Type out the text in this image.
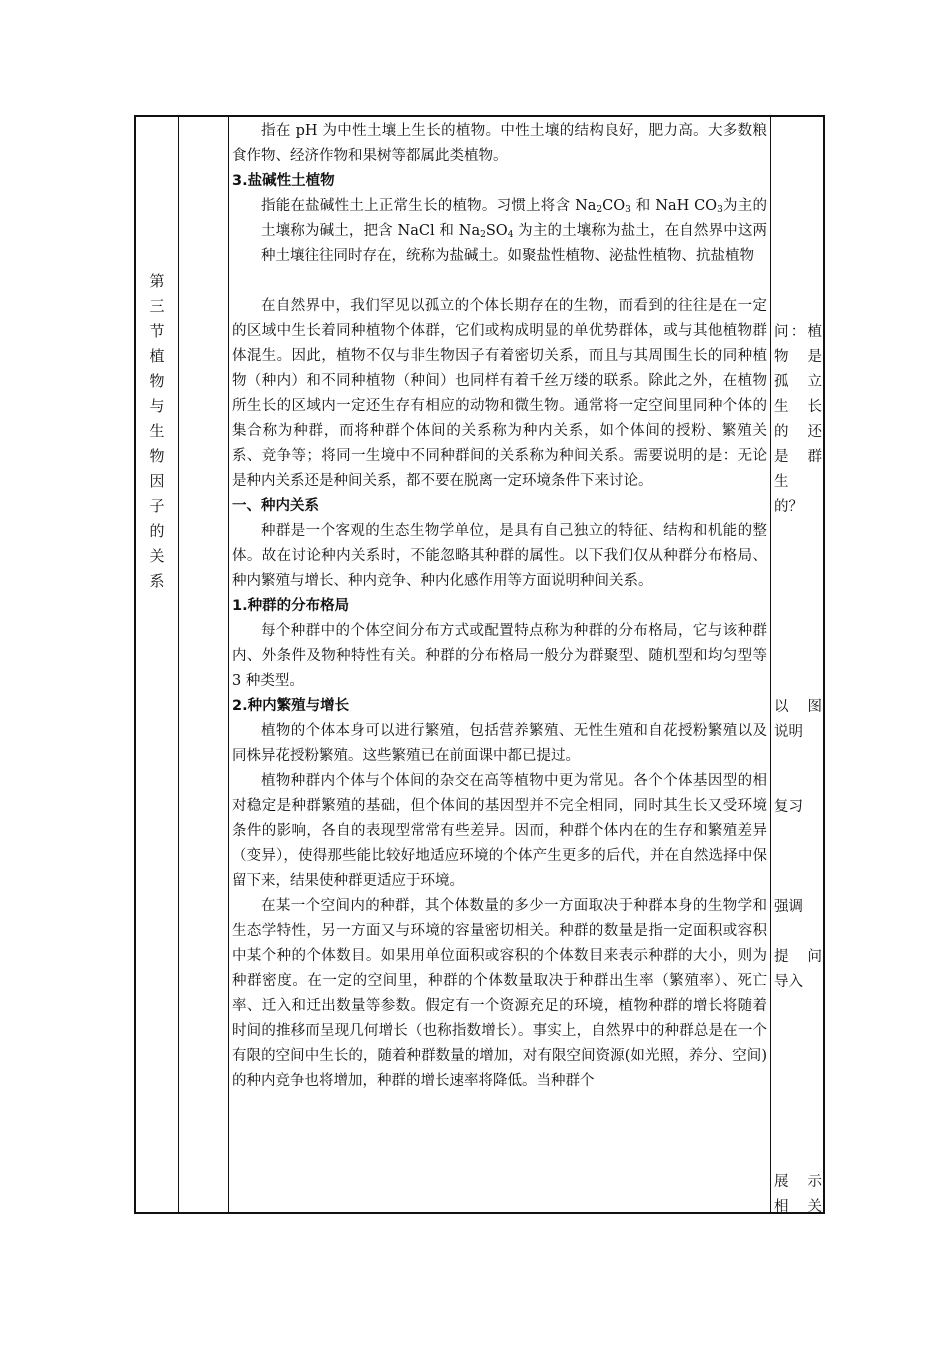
第
三
节
植
物
与
生
物
因
子
的
关
系
指在 pH 为中性土壤上生长的植物。中性土壤的结构良好，肥力高。大多数粮食作物、经济作物和果树等都属此类植物。
3.盐碱性土植物
指能在盐碱性土上正常生长的植物。习惯上将含 $Na_2CO_3$ 和 NaH $CO_3$为主的土壤称为碱土，把含 NaCl 和 $Na_2SO_4$ 为主的土壤称为盐土，在自然界中这两种土壤往往同时存在，统称为盐碱土。如聚盐性植物、泌盐性植物、抗盐植物
在自然界中，我们罕见以孤立的个体长期存在的生物，而看到的往往是在一定的区域中生长着同种植物个体群，它们或构成明显的单优势群体，或与其他植物群体混生。因此，植物不仅与非生物因子有着密切关系，而且与其周围生长的同种植物（种内）和不同种植物（种间）也同样有着千丝万缕的联系。除此之外，在植物所生长的区域内一定还生存有相应的动物和微生物。通常将一定空间里同种个体的集合称为种群，而将种群个体间的关系称为种内关系，如个体间的授粉、繁殖关系、竞争等；将同一生境中不同种群间的关系称为种间关系。需要说明的是：无论是种内关系还是种间关系，都不要在脱离一定环境条件下来讨论。
一、种内关系
种群是一个客观的生态生物学单位，是具有自己独立的特征、结构和机能的整体。故在讨论种内关系时，不能忽略其种群的属性。以下我们仅从种群分布格局、种内繁殖与增长、种内竞争、种内化感作用等方面说明种间关系。
1.种群的分布格局
每个种群中的个体空间分布方式或配置特点称为种群的分布格局，它与该种群内、外条件及物种特性有关。种群的分布格局一般分为群聚型、随机型和均匀型等 3 种类型。
2.种内繁殖与增长
植物的个体本身可以进行繁殖，包括营养繁殖、无性生殖和自花授粉繁殖以及同株异花授粉繁殖。这些繁殖已在前面课中都已提过。
植物种群内个体与个体间的杂交在高等植物中更为常见。各个个体基因型的相对稳定是种群繁殖的基础，但个体间的基因型并不完全相同，同时其生长又受环境条件的影响，各自的表现型常常有些差异。因而，种群个体内在的生存和繁殖差异（变异），使得那些能比较好地适应环境的个体产生更多的后代，并在自然选择中保留下来，结果使种群更适应于环境。
在某一个空间内的种群，其个体数量的多少一方面取决于种群本身的生物学和生态学特性，另一方面又与环境的容量密切相关。种群的数量是指一定面积或容积中某个种的个体数目。如果用单位面积或容积的个体数目来表示种群的大小，则为种群密度。在一定的空间里，种群的个体数量取决于种群出生率（繁殖率）、死亡率、迁入和迁出数量等参数。假定有一个资源充足的环境，植物种群的增长将随着时间的推移而呈现几何增长（也称指数增长）。事实上，自然界中的种群总是在一个有限的空间中生长的，随着种群数量的增加，对有限空间资源(如光照，养分、空间)的种内竞争也将增加，种群的增长速率将降低。当种群个
问：植
物 是
孤 立
生 长
的 还
是 群
生
的？
以 图
说明
复习
强调
提 问
导入
展 示
相 关
